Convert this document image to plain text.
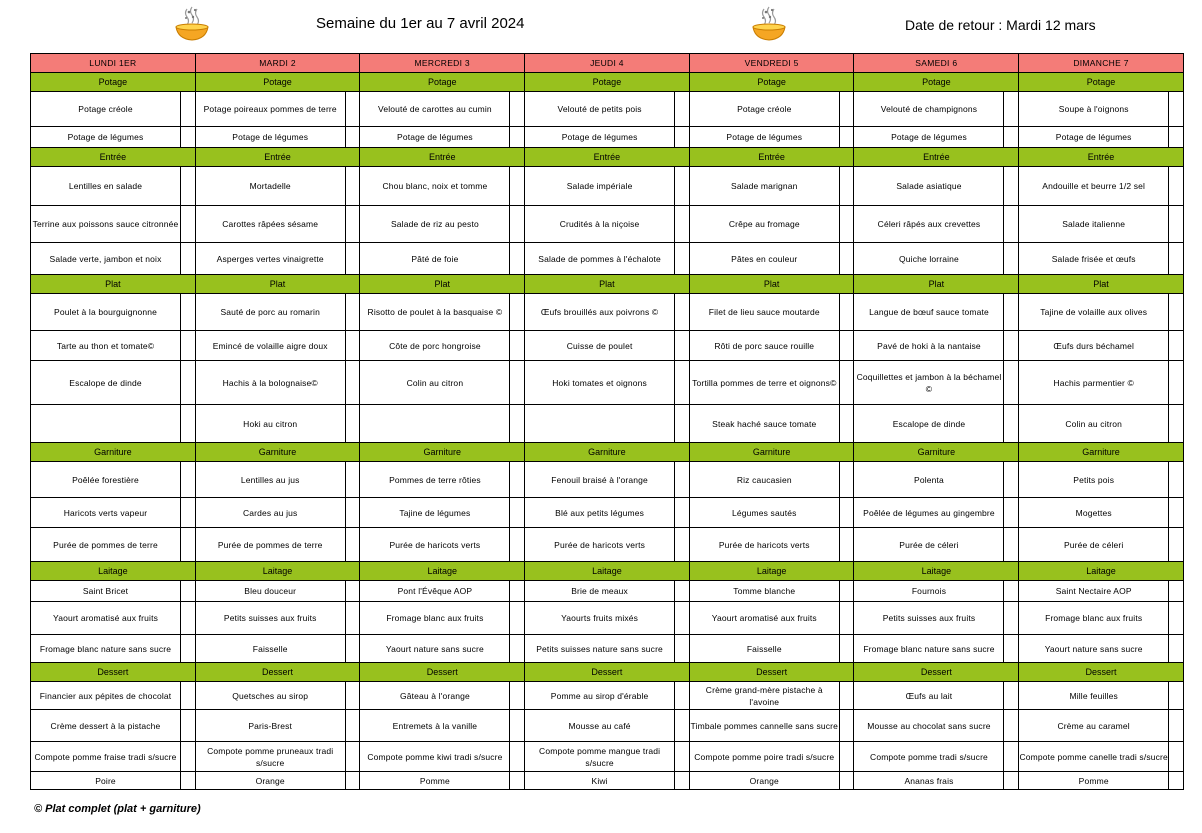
Semaine du 1er au 7 avril 2024	Date de retour : Mardi 12 mars
LUNDI 1ER		MARDI 2		MERCREDI 3		JEUDI 4		VENDREDI 5		SAMEDI 6		DIMANCHE 7	
Potage		Potage		Potage		Potage		Potage		Potage		Potage	
Potage créole		Potage poireaux pommes de terre		Velouté de carottes au cumin		Velouté de petits pois		Potage créole		Velouté de champignons		Soupe à l'oignons	
Potage de légumes		Potage de légumes		Potage de légumes		Potage de légumes		Potage de légumes		Potage de légumes		Potage de légumes	
Entrée		Entrée		Entrée		Entrée		Entrée		Entrée		Entrée	
Lentilles en salade		Mortadelle		Chou blanc, noix et tomme		Salade impériale		Salade marignan		Salade asiatique		Andouille et beurre 1/2 sel	
Terrine aux poissons sauce citronnée		Carottes râpées sésame		Salade de riz au pesto		Crudités à la niçoise		Crêpe au fromage		Céleri râpés aux crevettes		Salade italienne	
Salade verte, jambon et noix		Asperges vertes vinaigrette		Pâté de foie		Salade de pommes à l'échalote		Pâtes en couleur		Quiche lorraine		Salade frisée et œufs	
Plat		Plat		Plat		Plat		Plat		Plat		Plat	
Poulet à la bourguignonne		Sauté de porc au romarin		Risotto de poulet à la basquaise ©		Œufs brouillés aux poivrons ©		Filet de lieu sauce moutarde		Langue de bœuf sauce tomate		Tajine de volaille aux olives	
Tarte au thon et tomate©		Emincé de volaille aigre doux		Côte de porc hongroise		Cuisse de poulet		Rôti de porc sauce rouille		Pavé de hoki à la nantaise		Œufs durs béchamel	
Escalope de dinde		Hachis à la bolognaise©		Colin au citron		Hoki tomates et oignons		Tortilla pommes de terre et oignons©		Coquillettes et jambon à la béchamel ©		Hachis parmentier ©	
		Hoki au citron						Steak haché sauce tomate		Escalope de dinde		Colin au citron	
Garniture		Garniture		Garniture		Garniture		Garniture		Garniture		Garniture	
Poêlée forestière		Lentilles au jus		Pommes de terre rôties		Fenouil braisé à l'orange		Riz caucasien		Polenta		Petits pois	
Haricots verts vapeur		Cardes au jus		Tajine de légumes		Blé aux petits légumes		Légumes sautés		Poêlée de légumes au gingembre		Mogettes	
Purée de pommes de terre		Purée de pommes de terre		Purée de haricots verts		Purée de haricots verts		Purée de haricots verts		Purée de céleri		Purée de céleri	
Laitage		Laitage		Laitage		Laitage		Laitage		Laitage		Laitage	
Saint Bricet		Bleu douceur		Pont l'Évêque AOP		Brie de meaux		Tomme blanche		Fournois		Saint Nectaire AOP	
Yaourt aromatisé aux fruits		Petits suisses aux fruits		Fromage blanc aux fruits		Yaourts fruits mixés		Yaourt aromatisé aux fruits		Petits suisses aux fruits		Fromage blanc aux fruits	
Fromage blanc nature sans sucre		Faisselle		Yaourt nature sans sucre		Petits suisses nature sans sucre		Faisselle		Fromage blanc nature sans sucre		Yaourt nature sans sucre	
Dessert		Dessert		Dessert		Dessert		Dessert		Dessert		Dessert	
Financier aux pépites de chocolat		Quetsches au sirop		Gâteau à l'orange		Pomme au sirop d'érable		Crème grand-mère pistache à l'avoine		Œufs au lait		Mille feuilles	
Crème dessert à la pistache		Paris-Brest		Entremets à la vanille		Mousse au café		Timbale pommes cannelle sans sucre		Mousse au chocolat sans sucre		Crème au caramel	
Compote pomme fraise tradi s/sucre		Compote pomme pruneaux tradi s/sucre		Compote pomme kiwi tradi s/sucre		Compote pomme mangue tradi s/sucre		Compote pomme poire tradi s/sucre		Compote pomme tradi s/sucre		Compote pomme canelle tradi s/sucre	
Poire		Orange		Pomme		Kiwi		Orange		Ananas frais		Pomme	
© Plat complet (plat + garniture)
